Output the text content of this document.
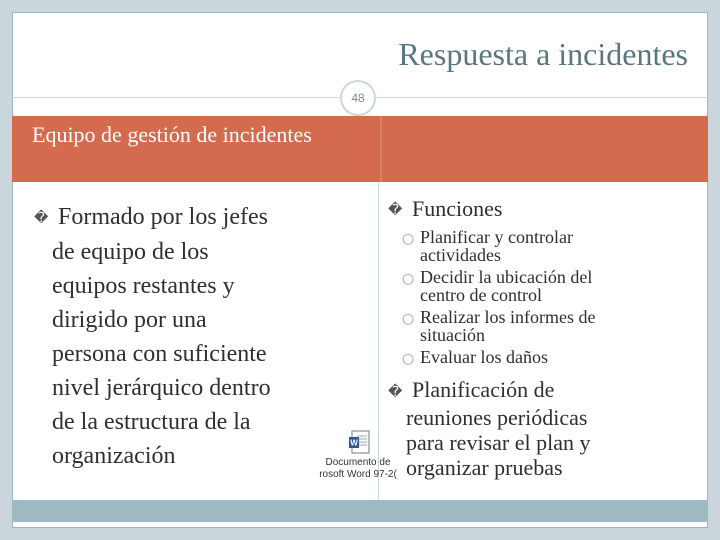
Respuesta a incidentes
48
Equipo de gestión de incidentes
� Formado por los jefes
de equipo de los
equipos restantes y
dirigido por una
persona con suficiente
nivel jerárquico dentro
de la estructura de la
organización
� Funciones
○ Planificar y controlar
actividades
○ Decidir la ubicación del
centro de control
○ Realizar los informes de
situación
○ Evaluar los daños
� Planificación de
reuniones periódicas
para revisar el plan y
organizar pruebas
W
Documento de
rosoft Word 97-2(
